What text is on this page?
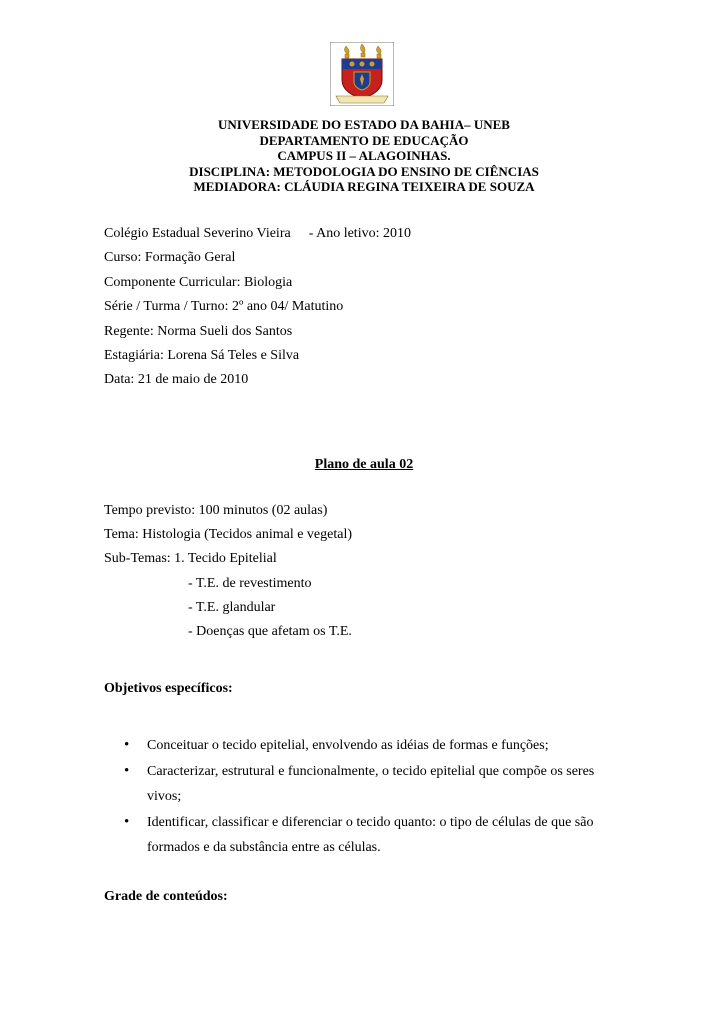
UNIVERSIDADE DO ESTADO DA BAHIA– UNEB
DEPARTAMENTO DE EDUCAÇÃO
CAMPUS II – ALAGOINHAS.
DISCIPLINA: METODOLOGIA DO ENSINO DE CIÊNCIAS
MEDIADORA: CLÁUDIA REGINA TEIXEIRA DE SOUZA
Colégio Estadual Severino Vieira - Ano letivo: 2010
Curso: Formação Geral
Componente Curricular: Biologia
Série / Turma / Turno: 2º ano 04/ Matutino
Regente: Norma Sueli dos Santos
Estagiária: Lorena Sá Teles e Silva
Data: 21 de maio de 2010
Plano de aula 02
Tempo previsto: 100 minutos (02 aulas)
Tema: Histologia (Tecidos animal e vegetal)
Sub-Temas: 1. Tecido Epitelial
- T.E. de revestimento
- T.E. glandular
- Doenças que afetam os T.E.
Objetivos específicos:
• Conceituar o tecido epitelial, envolvendo as idéias de formas e funções;
• Caracterizar, estrutural e funcionalmente, o tecido epitelial que compõe os seres vivos;
• Identificar, classificar e diferenciar o tecido quanto: o tipo de células de que são formados e da substância entre as células.
Grade de conteúdos:
